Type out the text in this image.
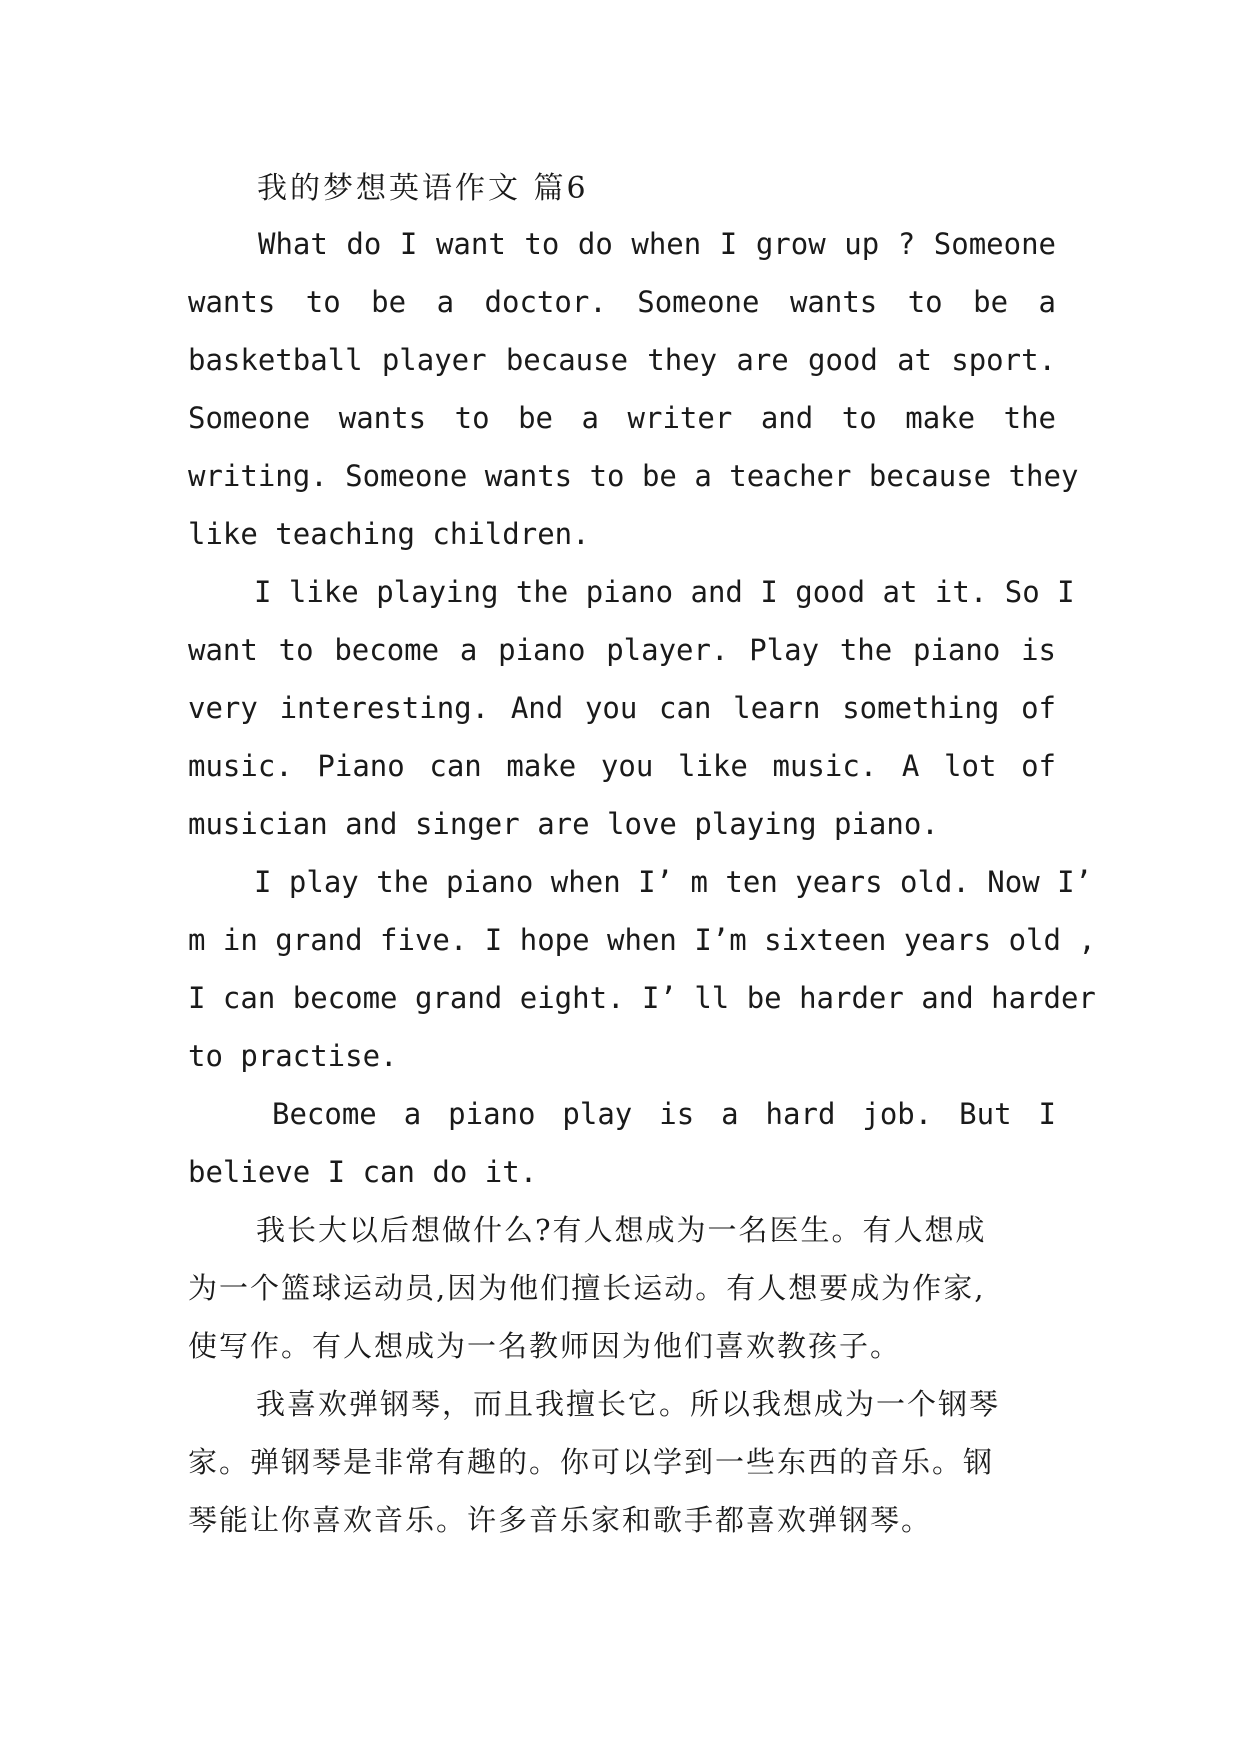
我的梦想英语作文 篇6
What do I want to do when I grow up ? Someone
wants to be a doctor. Someone wants to be a
basketball player because they are good at sport.
Someone wants to be a writer and to make the
writing. Someone wants to be a teacher because they
like teaching children.
I like playing the piano and I good at it. So I
want to become a piano player. Play the piano is
very interesting. And you can learn something of
music. Piano can make you like music. A lot of
musician and singer are love playing piano.
I play the piano when I’ m ten years old. Now I’
m in grand five. I hope when I’m sixteen years old ,
I can become grand eight. I’ ll be harder and harder
to practise.
Become a piano play is a hard job. But I
believe I can do it.
我长大以后想做什么?有人想成为一名医生。有人想成
为一个篮球运动员,因为他们擅长运动。有人想要成为作家,
使写作。有人想成为一名教师因为他们喜欢教孩子。
我喜欢弹钢琴，而且我擅长它。所以我想成为一个钢琴
家。弹钢琴是非常有趣的。你可以学到一些东西的音乐。钢
琴能让你喜欢音乐。许多音乐家和歌手都喜欢弹钢琴。
